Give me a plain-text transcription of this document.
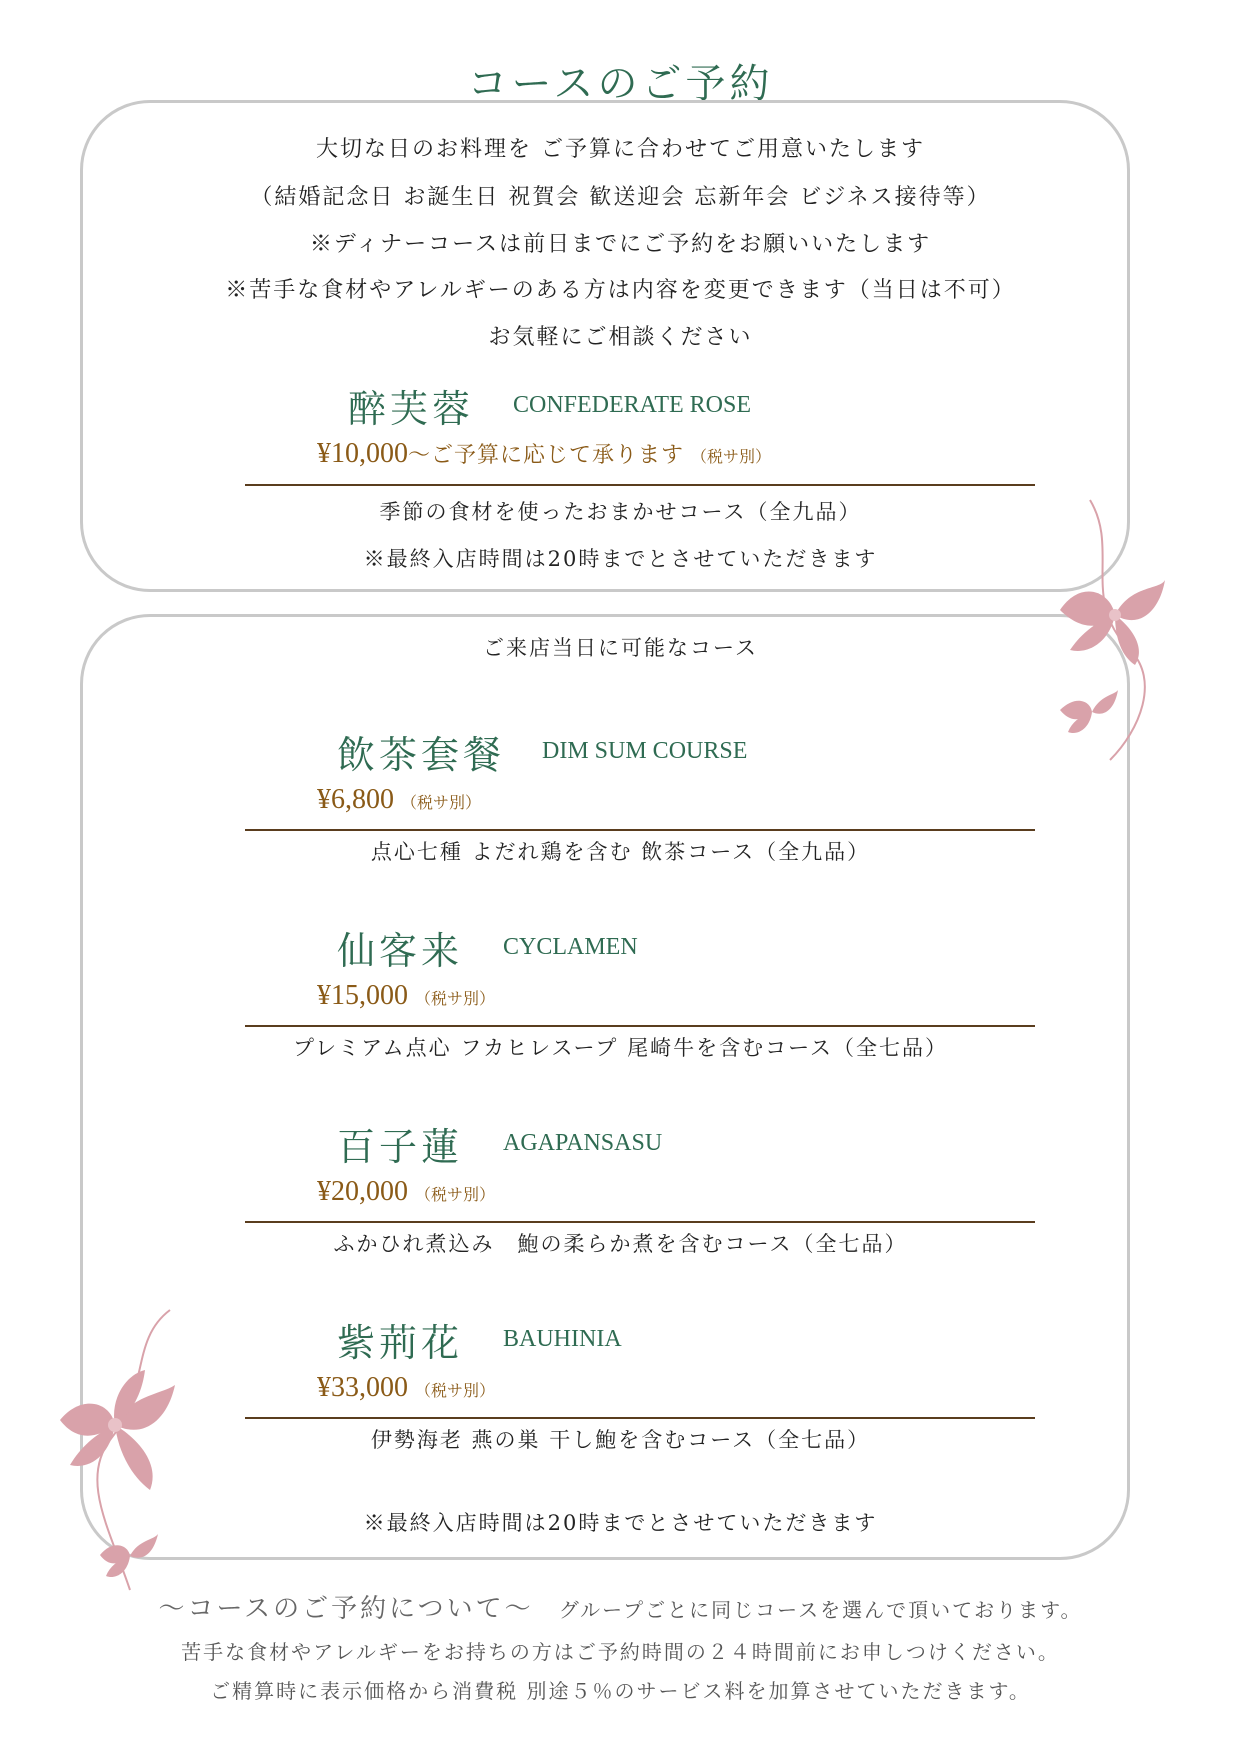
コースのご予約
大切な日のお料理を ご予算に合わせてご用意いたします
（結婚記念日 お誕生日 祝賀会 歓送迎会 忘新年会 ビジネス接待等）
※ディナーコースは前日までにご予約をお願いいたします
※苦手な食材やアレルギーのある方は内容を変更できます（当日は不可）
お気軽にご相談ください
醉芙蓉 CONFEDERATE ROSE
¥10,000〜ご予算に応じて承ります （税サ別）
季節の食材を使ったおまかせコース（全九品）
※最終入店時間は20時までとさせていただきます
ご来店当日に可能なコース
飲茶套餐 DIM SUM COURSE
¥6,800 （税サ別）
点心七種 よだれ鶏を含む 飲茶コース（全九品）
仙客来 CYCLAMEN
¥15,000 （税サ別）
プレミアム点心 フカヒレスープ 尾崎牛を含むコース（全七品）
百子蓮 AGAPANSASU
¥20,000 （税サ別）
ふかひれ煮込み　鮑の柔らか煮を含むコース（全七品）
紫荊花 BAUHINIA
¥33,000 （税サ別）
伊勢海老 燕の巣 干し鮑を含むコース（全七品）
※最終入店時間は20時までとさせていただきます
〜コースのご予約について〜 グループごとに同じコースを選んで頂いております。
苦手な食材やアレルギーをお持ちの方はご予約時間の２４時間前にお申しつけください。
ご精算時に表示価格から消費税 別途５％のサービス料を加算させていただきます。
